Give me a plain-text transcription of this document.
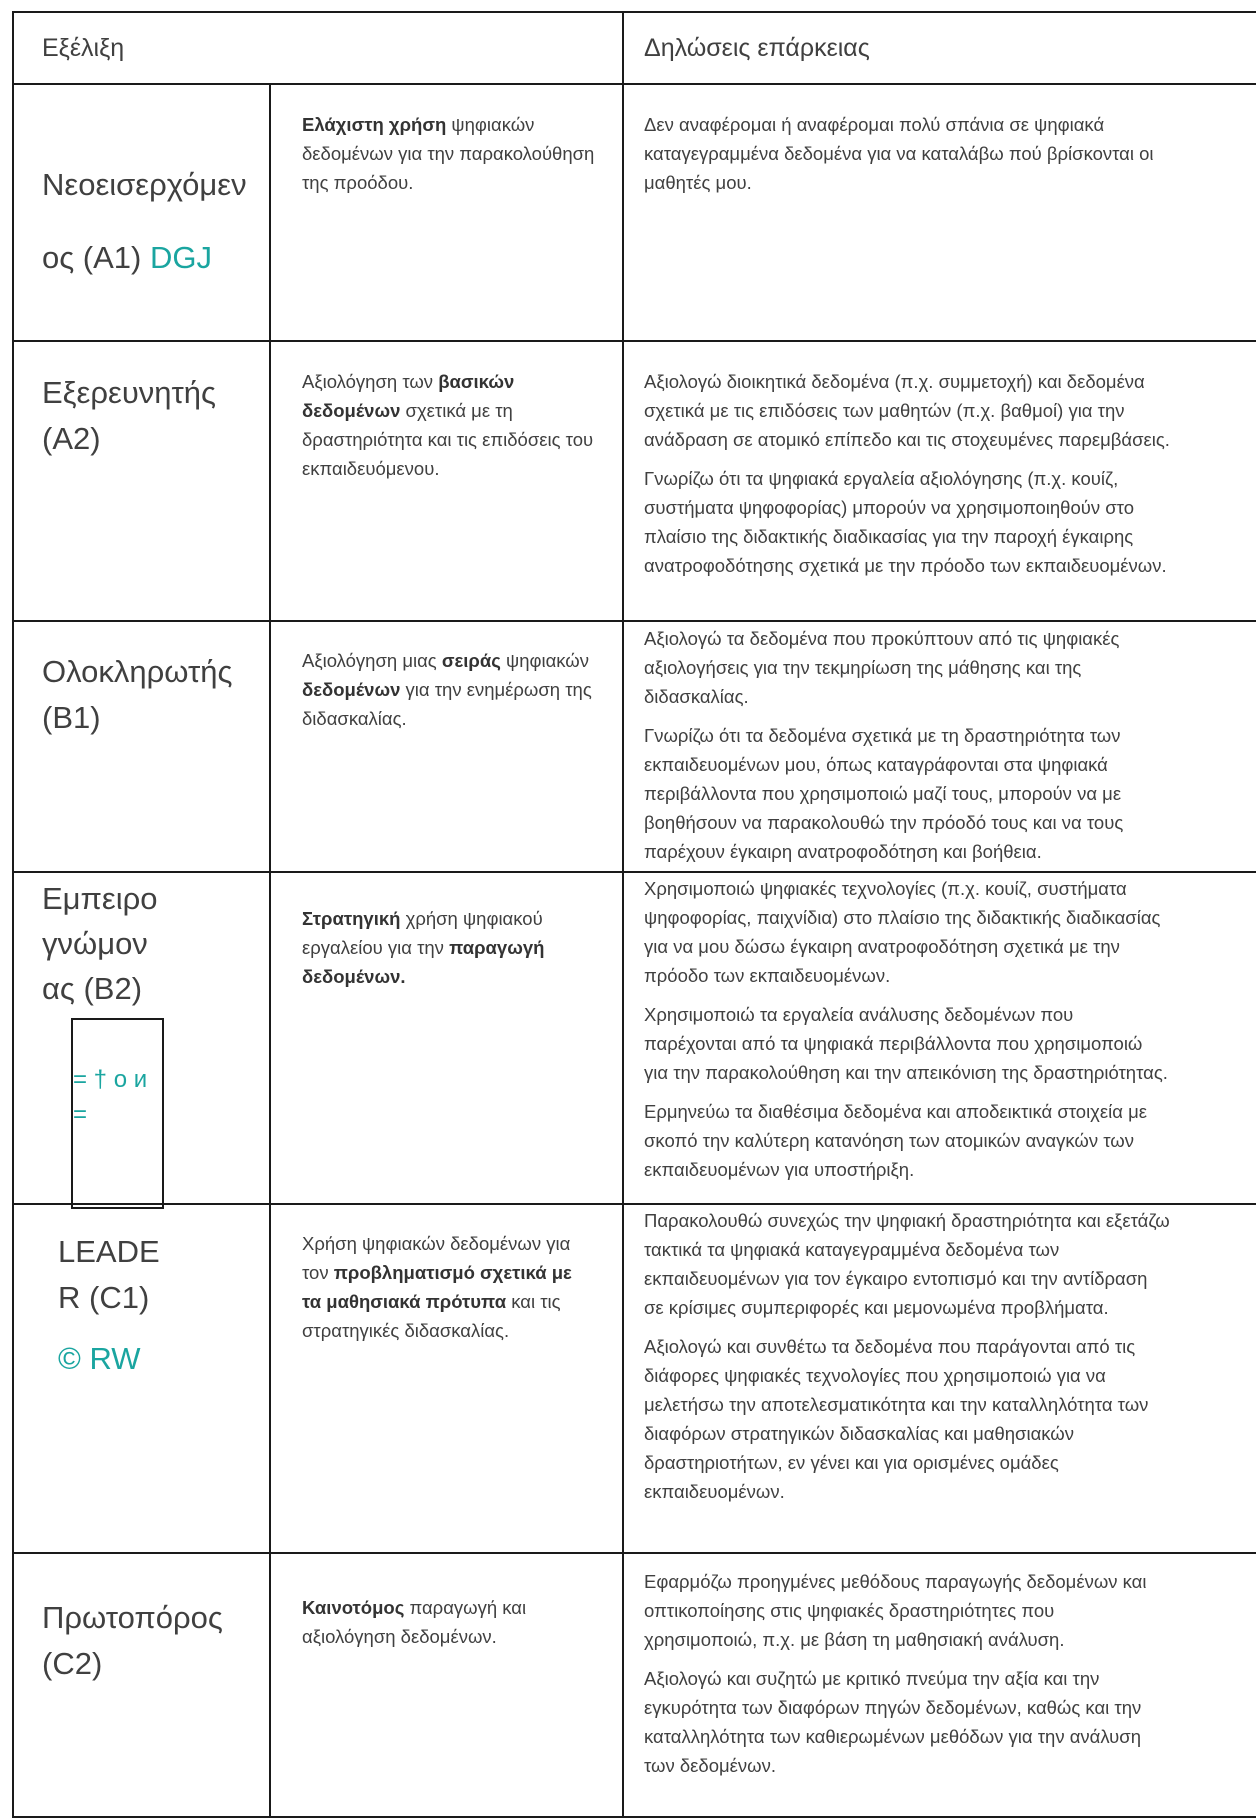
Εξέλιξη	Δηλώσεις επάρκειας
Νεοεισερχόμεν
ος (A1) DGJ
Ελάχιστη χρήση ψηφιακών δεδομένων για την παρακολούθηση της προόδου.

Δεν αναφέρομαι ή αναφέρομαι πολύ σπάνια σε ψηφιακά
καταγεγραμμένα δεδομένα για να καταλάβω πού βρίσκονται οι
μαθητές μου.

Εξερευνητής
(A2)
Αξιολόγηση των βασικών δεδομένων σχετικά με τη δραστηριότητα και τις επιδόσεις του εκπαιδευόμενου.

Αξιολογώ διοικητικά δεδομένα (π.χ. συμμετοχή) και δεδομένα
σχετικά με τις επιδόσεις των μαθητών (π.χ. βαθμοί) για την
ανάδραση σε ατομικό επίπεδο και τις στοχευμένες παρεμβάσεις.

Γνωρίζω ότι τα ψηφιακά εργαλεία αξιολόγησης (π.χ. κουίζ,
συστήματα ψηφοφορίας) μπορούν να χρησιμοποιηθούν στο
πλαίσιο της διδακτικής διαδικασίας για την παροχή έγκαιρης
ανατροφοδότησης σχετικά με την πρόοδο των εκπαιδευομένων.

Ολοκληρωτής
(B1)
Αξιολόγηση μιας σειράς ψηφιακών δεδομένων για την ενημέρωση της διδασκαλίας.

Αξιολογώ τα δεδομένα που προκύπτουν από τις ψηφιακές
αξιολογήσεις για την τεκμηρίωση της μάθησης και της
διδασκαλίας.

Γνωρίζω ότι τα δεδομένα σχετικά με τη δραστηριότητα των
εκπαιδευομένων μου, όπως καταγράφονται στα ψηφιακά
περιβάλλοντα που χρησιμοποιώ μαζί τους, μπορούν να με
βοηθήσουν να παρακολουθώ την πρόοδό τους και να τους
παρέχουν έγκαιρη ανατροφοδότηση και βοήθεια.

Εμπειρο
γνώμον
ας (B2)
= † ο и
=
Στρατηγική χρήση ψηφιακού εργαλείου για την παραγωγή δεδομένων.

Χρησιμοποιώ ψηφιακές τεχνολογίες (π.χ. κουίζ, συστήματα
ψηφοφορίας, παιχνίδια) στο πλαίσιο της διδακτικής διαδικασίας
για να μου δώσω έγκαιρη ανατροφοδότηση σχετικά με την
πρόοδο των εκπαιδευομένων.

Χρησιμοποιώ τα εργαλεία ανάλυσης δεδομένων που
παρέχονται από τα ψηφιακά περιβάλλοντα που χρησιμοποιώ
για την παρακολούθηση και την απεικόνιση της δραστηριότητας.

Ερμηνεύω τα διαθέσιμα δεδομένα και αποδεικτικά στοιχεία με
σκοπό την καλύτερη κατανόηση των ατομικών αναγκών των
εκπαιδευομένων για υποστήριξη.

LEADE
R (C1)
© RW
Χρήση ψηφιακών δεδομένων για τον προβληματισμό σχετικά με τα μαθησιακά πρότυπα και τις στρατηγικές διδασκαλίας.

Παρακολουθώ συνεχώς την ψηφιακή δραστηριότητα και εξετάζω
τακτικά τα ψηφιακά καταγεγραμμένα δεδομένα των
εκπαιδευομένων για τον έγκαιρο εντοπισμό και την αντίδραση
σε κρίσιμες συμπεριφορές και μεμονωμένα προβλήματα.

Αξιολογώ και συνθέτω τα δεδομένα που παράγονται από τις
διάφορες ψηφιακές τεχνολογίες που χρησιμοποιώ για να
μελετήσω την αποτελεσματικότητα και την καταλληλότητα των
διαφόρων στρατηγικών διδασκαλίας και μαθησιακών
δραστηριοτήτων, εν γένει και για ορισμένες ομάδες
εκπαιδευομένων.

Πρωτοπόρος
(C2)
Καινοτόμος παραγωγή και αξιολόγηση δεδομένων.

Εφαρμόζω προηγμένες μεθόδους παραγωγής δεδομένων και
οπτικοποίησης στις ψηφιακές δραστηριότητες που
χρησιμοποιώ, π.χ. με βάση τη μαθησιακή ανάλυση.

Αξιολογώ και συζητώ με κριτικό πνεύμα την αξία και την
εγκυρότητα των διαφόρων πηγών δεδομένων, καθώς και την
καταλληλότητα των καθιερωμένων μεθόδων για την ανάλυση
των δεδομένων.
